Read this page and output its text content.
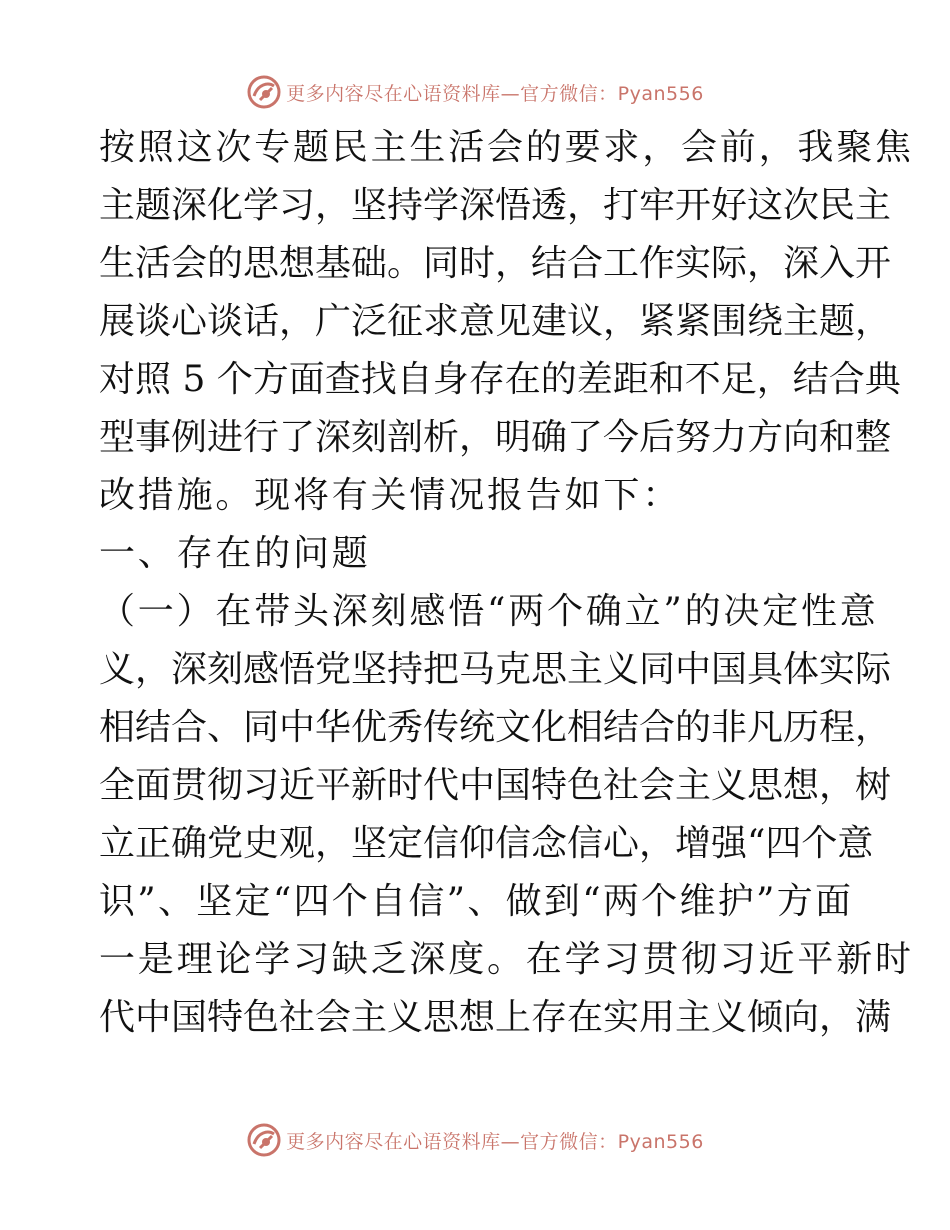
更多内容尽在心语资料库—官方微信：Pyan556
按照这次专题民主生活会的要求，会前，我聚焦
主题深化学习，坚持学深悟透，打牢开好这次民主
生活会的思想基础。同时，结合工作实际，深入开
展谈心谈话，广泛征求意见建议，紧紧围绕主题，
对照 5 个方面查找自身存在的差距和不足，结合典
型事例进行了深刻剖析，明确了今后努力方向和整
改措施。现将有关情况报告如下：
一、存在的问题
（一）在带头深刻感悟“两个确立”的决定性意
义，深刻感悟党坚持把马克思主义同中国具体实际
相结合、同中华优秀传统文化相结合的非凡历程，
全面贯彻习近平新时代中国特色社会主义思想，树
立正确党史观，坚定信仰信念信心，增强“四个意
识”、坚定“四个自信”、做到“两个维护”方面
一是理论学习缺乏深度。在学习贯彻习近平新时
代中国特色社会主义思想上存在实用主义倾向，满
更多内容尽在心语资料库—官方微信：Pyan556
